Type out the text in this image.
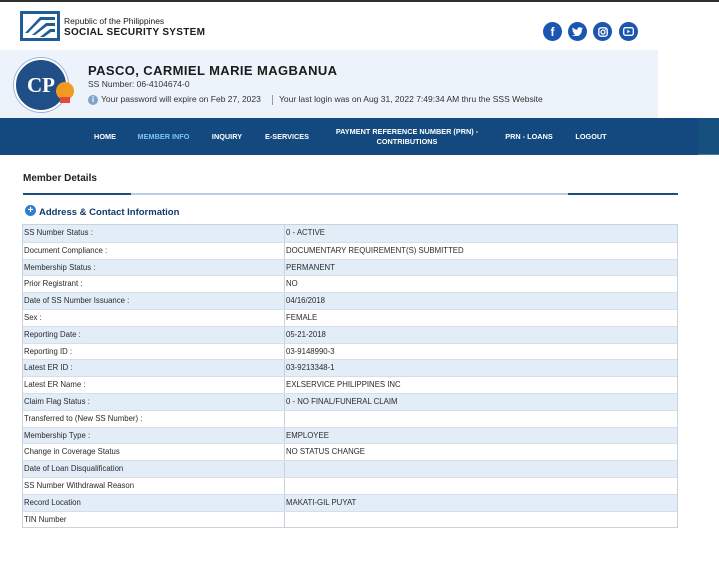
Republic of the Philippines
SOCIAL SECURITY SYSTEM	f
CP
PASCO, CARMIEL MARIE MAGBANUA
SS Number: 06-4104674-0
i Your password will expire on Feb 27, 2023 Your last login was on Aug 31, 2022 7:49:34 AM thru the SSS Website
HOME	MEMBER INFO	INQUIRY	E-SERVICES
PAYMENT REFERENCE NUMBER (PRN) - CONTRIBUTIONS
PRN - LOANS	LOGOUT
Member Details
+ Address & Contact Information
SS Number Status :	0 - ACTIVE
Document Compliance :	DOCUMENTARY REQUIREMENT(S) SUBMITTED
Membership Status :	PERMANENT
Prior Registrant :	NO
Date of SS Number Issuance :	04/16/2018
Sex :	FEMALE
Reporting Date :	05-21-2018
Reporting ID :	03-9148990-3
Latest ER ID :	03-9213348-1
Latest ER Name :	EXLSERVICE PHILIPPINES INC
Claim Flag Status :	0 - NO FINAL/FUNERAL CLAIM
Transferred to (New SS Number) :
Membership Type :	EMPLOYEE
Change in Coverage Status	NO STATUS CHANGE
Date of Loan Disqualification
SS Number Withdrawal Reason
Record Location	MAKATI-GIL PUYAT
TIN Number
